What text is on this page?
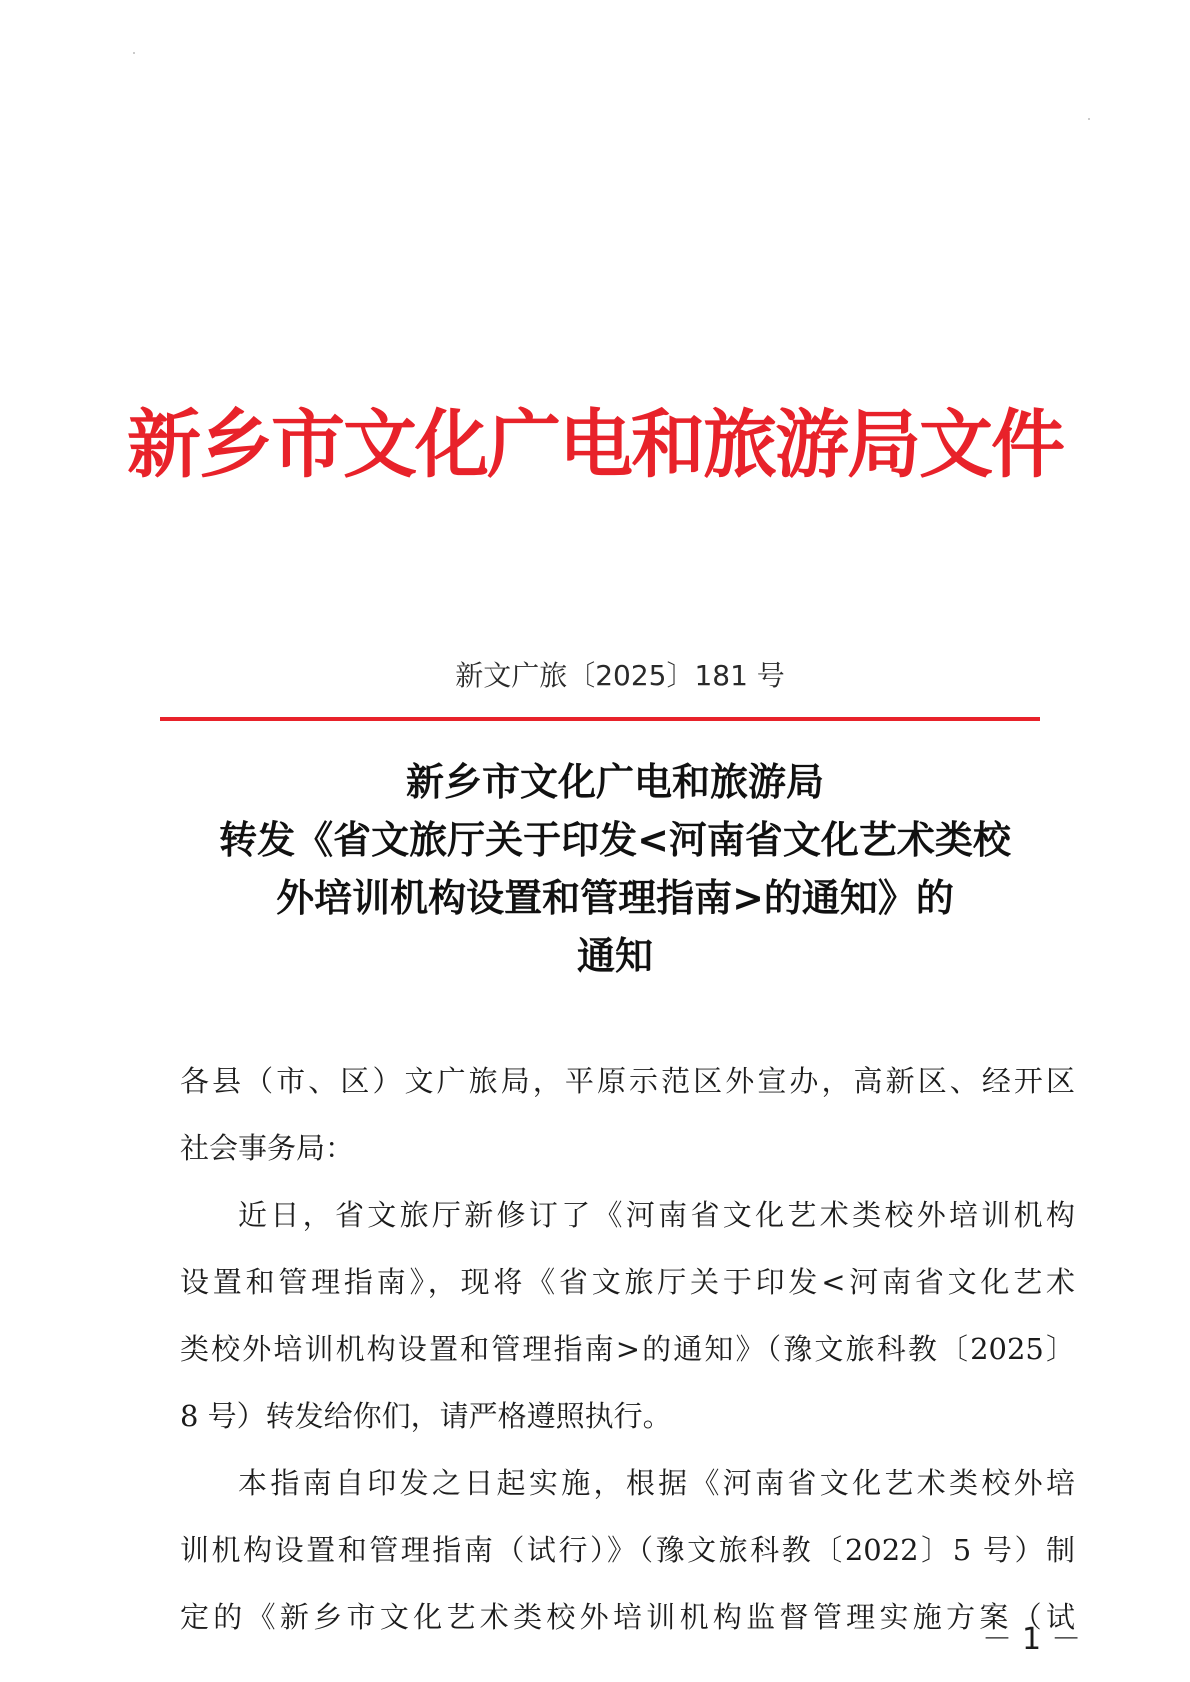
新乡市文化广电和旅游局文件
新文广旅〔2025〕181 号
新乡市文化广电和旅游局
转发《省文旅厅关于印发<河南省文化艺术类校
外培训机构设置和管理指南>的通知》的
通知
各县（市、区）文广旅局，平原示范区外宣办，高新区、经开区
社会事务局：
近日，省文旅厅新修订了《河南省文化艺术类校外培训机构
设置和管理指南》，现将《省文旅厅关于印发<河南省文化艺术
类校外培训机构设置和管理指南>的通知》（豫文旅科教〔2025〕
8 号）转发给你们，请严格遵照执行。
本指南自印发之日起实施，根据《河南省文化艺术类校外培
训机构设置和管理指南（试行）》（豫文旅科教〔2022〕5 号）制
定的《新乡市文化艺术类校外培训机构监督管理实施方案（试
－1－
